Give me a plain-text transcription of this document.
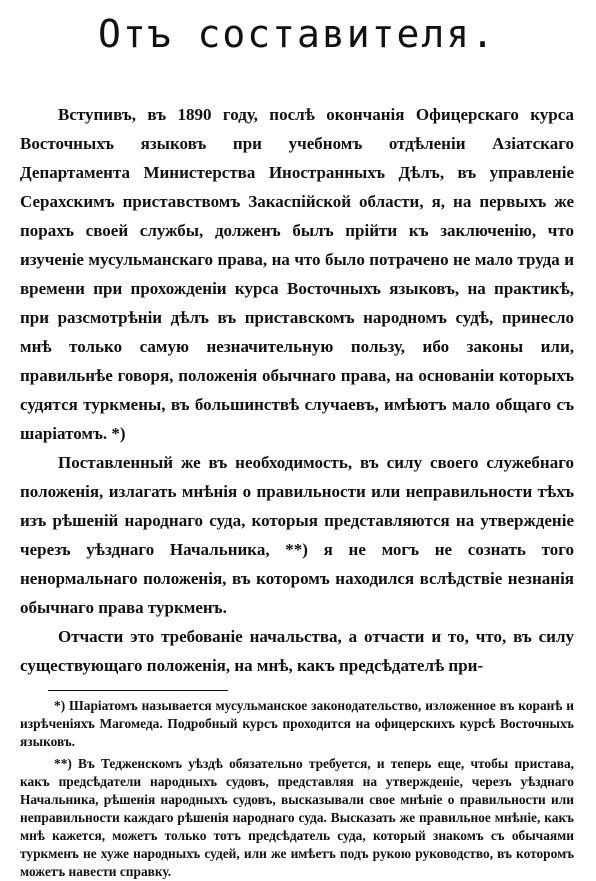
Отъ составителя.

Вступивъ, въ 1890 году, послѣ окончанія Офицерскаго курса Восточныхъ языковъ при учебномъ отдѣленіи Азіатскаго Департамента Министерства Иностранныхъ Дѣлъ, въ управленіе Серахскимъ приставствомъ Закаспійской области, я, на первыхъ же порахъ своей службы, долженъ былъ прійти къ заключенію, что изученіе мусульманскаго права, на что было потрачено не мало труда и времени при прохожденіи курса Восточныхъ языковъ, на практикѣ, при разсмотрѣніи дѣлъ въ приставскомъ народномъ судѣ, принесло мнѣ только самую незначительную пользу, ибо законы или, правильнѣе говоря, положенія обычнаго права, на основаніи которыхъ судятся туркмены, въ большинствѣ случаевъ, имѣютъ мало общаго съ шаріатомъ. *)

Поставленный же въ необходимость, въ силу своего служебнаго положенія, излагать мнѣнія о правильности или неправильности тѣхъ изъ рѣшеній народнаго суда, которыя представляются на утвержденіе черезъ уѣзднаго Начальника, **) я не могъ не сознать того ненормальнаго положенія, въ которомъ находился вслѣдствіе незнанія обычнаго права туркменъ.

Отчасти это требованіе начальства, а отчасти и то, что, въ силу существующаго положенія, на мнѣ, какъ предсѣдателѣ при-

*) Шаріатомъ называется мусульманское законодательство, изложенное въ коранѣ и изрѣченіяхъ Магомеда. Подробный курсъ проходится на офицерскихъ курсѣ Восточныхъ языковъ.

**) Въ Тедженскомъ уѣздѣ обязательно требуется, и теперь еще, чтобы пристава, какъ предсѣдатели народныхъ судовъ, представляя на утвержденіе, черезъ уѣзднаго Начальника, рѣшенія народныхъ судовъ, высказывали свое мнѣніе о правильности или неправильности каждаго рѣшенія народнаго суда. Высказать же правильное мнѣніе, какъ мнѣ кажется, можетъ только тотъ предсѣдатель суда, который знакомъ съ обычаями туркменъ не хуже народныхъ судей, или же имѣетъ подъ рукою руководство, въ которомъ можетъ навести справку.
